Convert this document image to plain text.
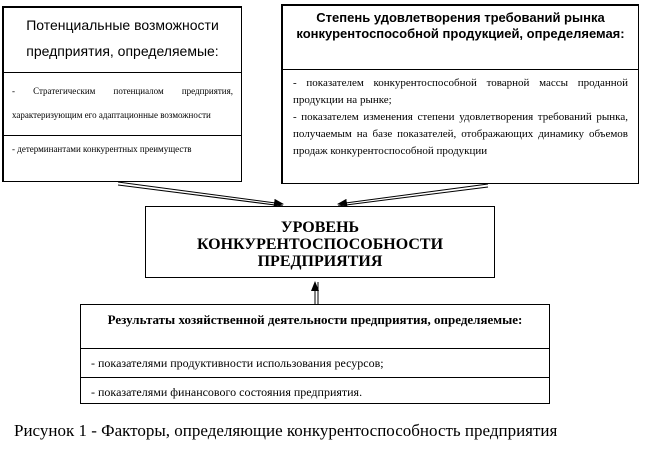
Потенциальные возможности предприятия, определяемые:
- Стратегическим потенциалом предприятия, характеризующим его адаптационные возможности
- детерминантами конкурентных преимуществ
Степень удовлетворения требований рынка конкурентоспособной продукцией, определяемая:

- показателем конкурентоспособной товарной массы проданной продукции на рынке;

- показателем изменения степени удовлетворения требований рынка, получаемым на базе показателей, отображающих динамику объемов продаж конкурентоспособной продукции

УРОВЕНЬ
КОНКУРЕНТОСПОСОБНОСТИ
ПРЕДПРИЯТИЯ
Результаты хозяйственной деятельности предприятия, определяемые:
- показателями продуктивности использования ресурсов;
- показателями финансового состояния предприятия.
Рисунок 1 - Факторы, определяющие конкурентоспособность предприятия
